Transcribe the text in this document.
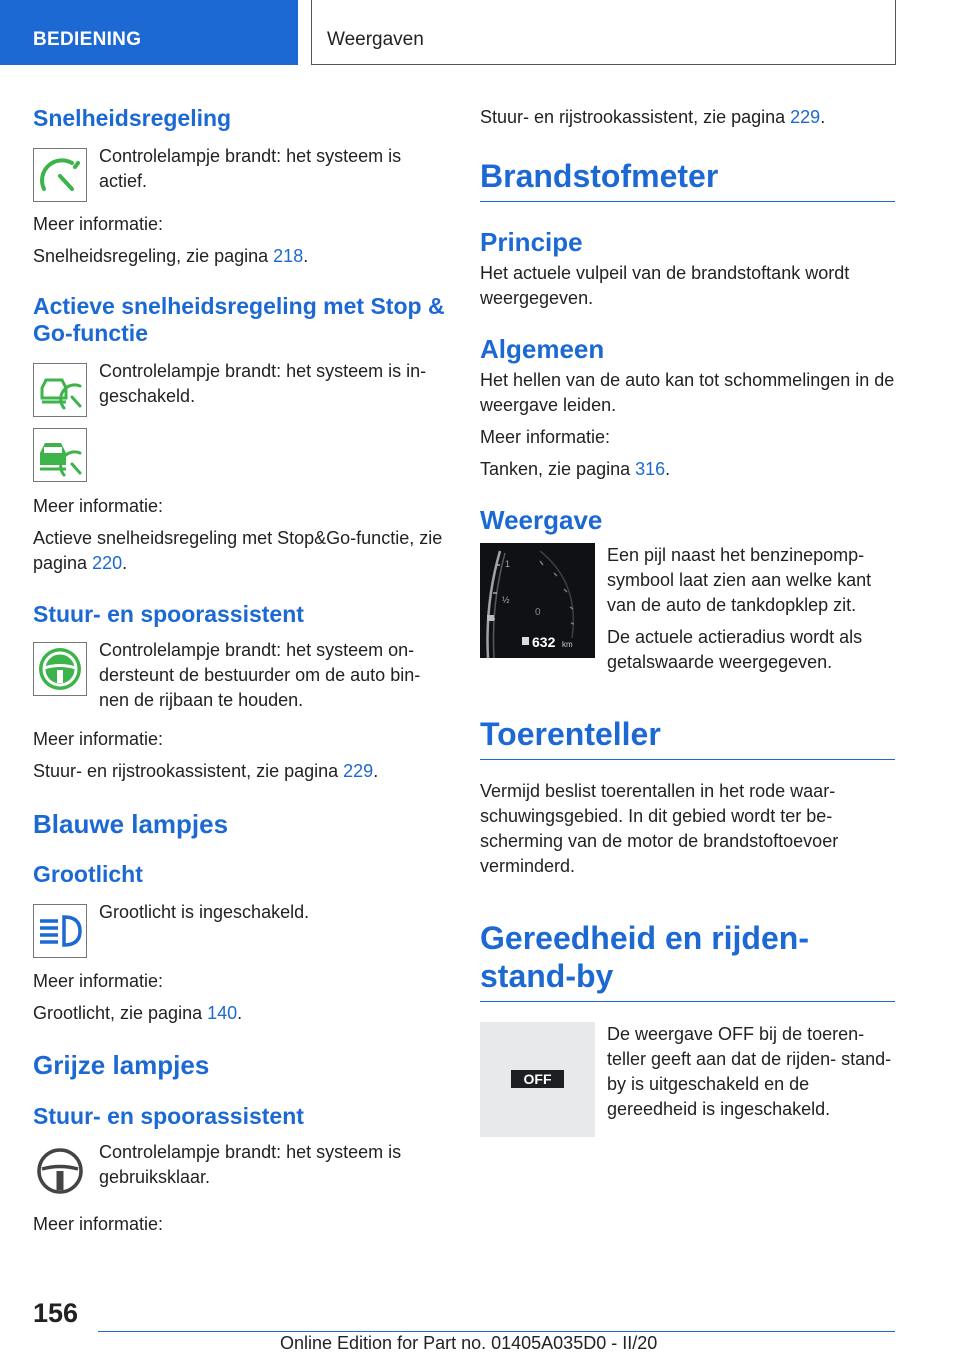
BEDIENING	Weergaven
Snelheidsregeling

Controlelampje brandt: het systeem is actief.

Meer informatie:

Snelheidsregeling, zie pagina 218.

Actieve snelheidsregeling met Stop & Go-functie

Controlelampje brandt: het systeem is in- geschakeld.

Meer informatie:

Actieve snelheidsregeling met Stop&Go-functie, zie pagina 220.

Stuur- en spoorassistent

Controlelampje brandt: het systeem on- dersteunt de bestuurder om de auto bin- nen de rijbaan te houden.

Meer informatie:

Stuur- en rijstrookassistent, zie pagina 229.

Blauwe lampjes
Grootlicht

Grootlicht is ingeschakeld.

Meer informatie:

Grootlicht, zie pagina 140.

Grijze lampjes
Stuur- en spoorassistent

Controlelampje brandt: het systeem is gebruiksklaar.

Meer informatie:

Stuur- en rijstrookassistent, zie pagina 229.

Brandstofmeter
Principe

Het actuele vulpeil van de brandstoftank wordt weergegeven.

Algemeen

Het hellen van de auto kan tot schommelingen in de weergave leiden.

Meer informatie:

Tanken, zie pagina 316.

Weergave
1
½
0
632 km

Een pijl naast het benzinepomp- symbool laat zien aan welke kant van de auto de tankdopklep zit.

De actuele actieradius wordt als getalswaarde weergegeven.

Toerenteller

Vermijd beslist toerentallen in het rode waar- schuwingsgebied. In dit gebied wordt ter be- scherming van de motor de brandstoftoevoer verminderd.

Gereedheid en rijden- stand-by
OFF

De weergave OFF bij de toeren- teller geeft aan dat de rijden- stand-by is uitgeschakeld en de gereedheid is ingeschakeld.

156
Online Edition for Part no. 01405A035D0 - II/20
